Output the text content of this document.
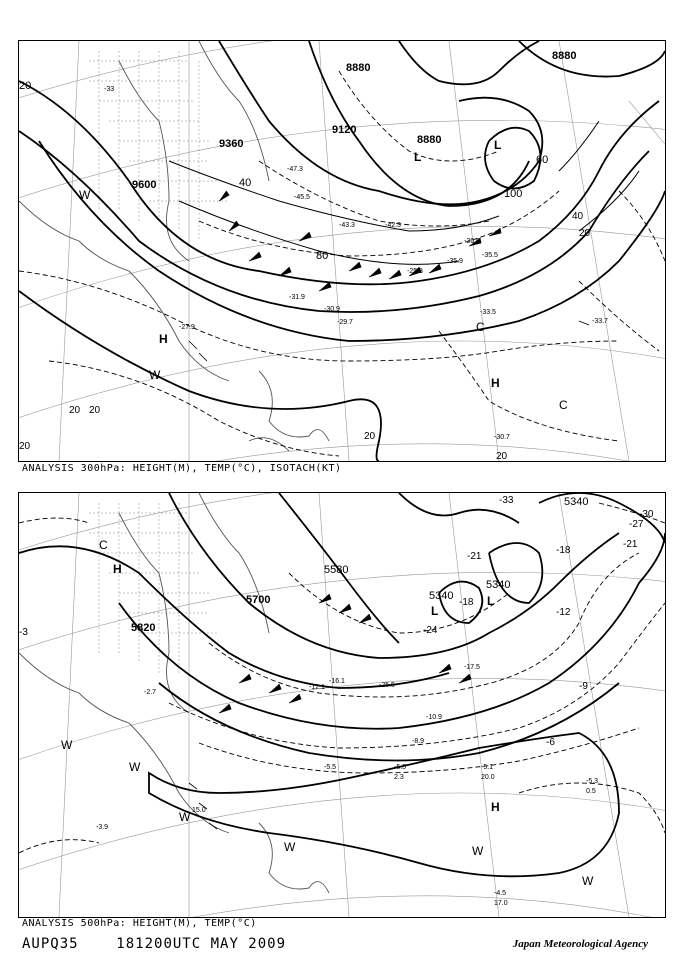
9600
9360
9120
8880
8880
8880
20
40
60
80
100
40
20
20
20
20
20
20
L
L
H
H
C
C
W
W
-33
-36.5
-35.9
-35.5
-31.9
-30.9
-29.7
-27.9
-33.5
-33.7
-30.7
-25.3
-47.3
-45.5
-42.3
-43.3
ANALYSIS 300hPa: HEIGHT(M), TEMP(°C), ISOTACH(KT)
5820
5700
5580
5340
5340
5340
-33
-30
-27
-24
-21
-21
-18
-18
-12
-9
-6
-3
L
L
H
H
W
W
W
W	W
W
C
-25.5
-17.5
-16.1
-12.1
-10.9
-8.9
-5.5	-5.5
-5.3
-5.1
-4.5
-3.9
-2.7
17.0
0.5
20.0
15.0
2.3
ANALYSIS 500hPa: HEIGHT(M), TEMP(°C)
AUPQ35	181200UTC MAY 2009	Japan Meteorological Agency
